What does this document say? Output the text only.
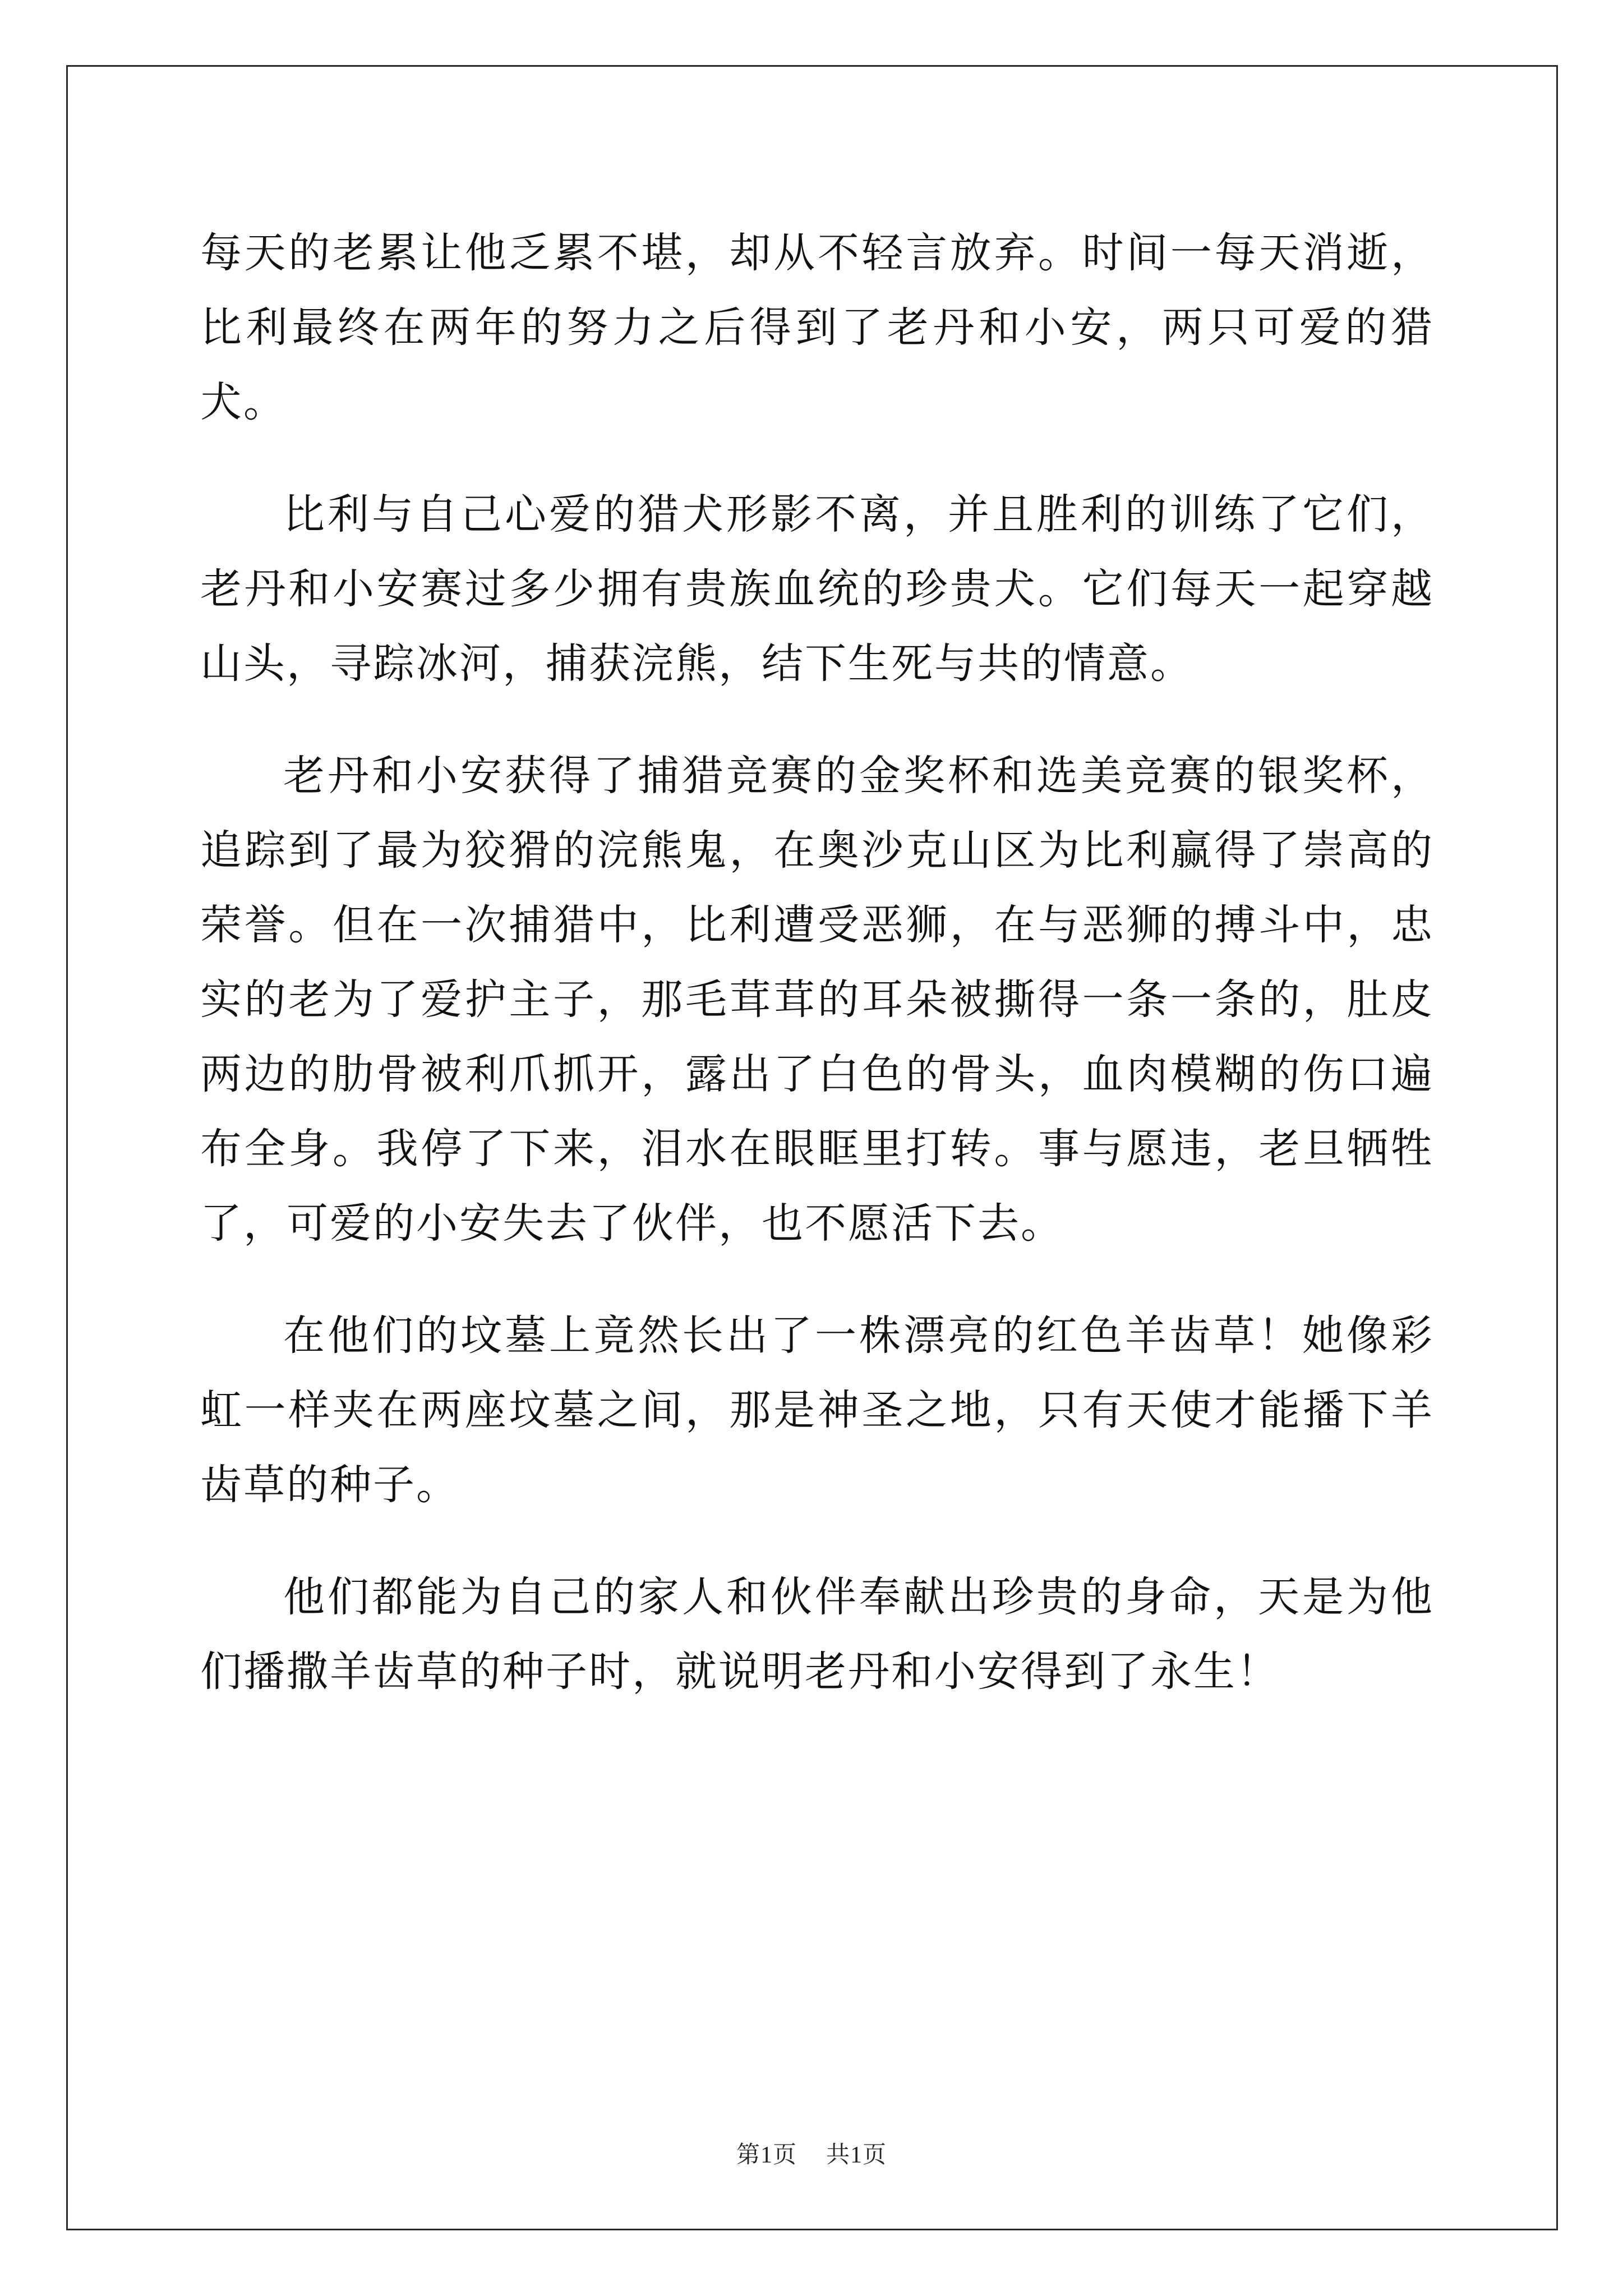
每天的老累让他乏累不堪，却从不轻言放弃。时间一每天消逝，比利最终在两年的努力之后得到了老丹和小安，两只可爱的猎犬。

比利与自己心爱的猎犬形影不离，并且胜利的训练了它们，老丹和小安赛过多少拥有贵族血统的珍贵犬。它们每天一起穿越山头，寻踪冰河，捕获浣熊，结下生死与共的情意。

老丹和小安获得了捕猎竞赛的金奖杯和选美竞赛的银奖杯，追踪到了最为狡猾的浣熊鬼，在奥沙克山区为比利赢得了崇高的荣誉。但在一次捕猎中，比利遭受恶狮，在与恶狮的搏斗中，忠实的老为了爱护主子，那毛茸茸的耳朵被撕得一条一条的，肚皮两边的肋骨被利爪抓开，露出了白色的骨头，血肉模糊的伤口遍布全身。我停了下来，泪水在眼眶里打转。事与愿违，老旦牺牲了，可爱的小安失去了伙伴，也不愿活下去。

在他们的坟墓上竟然长出了一株漂亮的红色羊齿草！她像彩虹一样夹在两座坟墓之间，那是神圣之地，只有天使才能播下羊齿草的种子。

他们都能为自己的家人和伙伴奉献出珍贵的身命，天是为他们播撒羊齿草的种子时，就说明老丹和小安得到了永生！

第1页 共1页
